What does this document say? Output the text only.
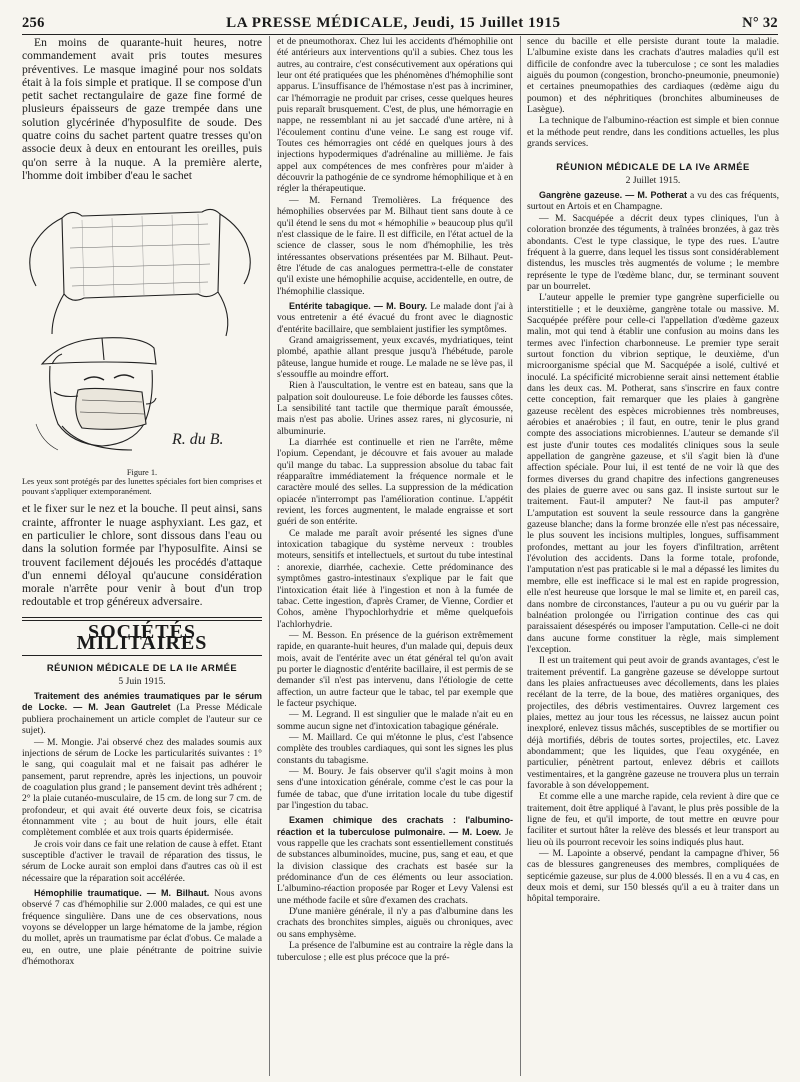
256	LA PRESSE MÉDICALE, Jeudi, 15 Juillet 1915	N° 32

En moins de quarante-huit heures, notre commandement avait pris toutes mesures préventives. Le masque imaginé pour nos soldats était à la fois simple et pratique. Il se compose d'un petit sachet rectangulaire de gaze fine formé de plusieurs épaisseurs de gaze trempée dans une solution glycérinée d'hyposulfite de soude. Des quatre coins du sachet partent quatre tresses qu'on associe deux à deux en entourant les oreilles, puis qu'on serre à la nuque. A la première alerte, l'homme doit imbiber d'eau le sachet

R. du B.
Figure 1.
Les yeux sont protégés par des lunettes spéciales fort bien comprises et pouvant s'appliquer extemporanément.

et le fixer sur le nez et la bouche. Il peut ainsi, sans crainte, affronter le nuage asphyxiant. Les gaz, et en particulier le chlore, sont dissous dans l'eau ou dans la solution formée par l'hyposulfite. Ainsi se trouvent facilement déjoués les procédés d'attaque d'un ennemi déloyal qu'aucune considération morale n'arrête pour venir à bout d'un trop redoutable et trop généreux adversaire.

SOCIÉTÉS MILITAIRES
RÉUNION MÉDICALE DE LA IIe ARMÉE
5 Juin 1915.

Traitement des anémies traumatiques par le sérum de Locke. — M. Jean Gautrelet (La Presse Médicale publiera prochainement un article complet de l'auteur sur ce sujet).

— M. Mongie. J'ai observé chez des malades soumis aux injections de sérum de Locke les particularités suivantes : 1° le sang, qui coagulait mal et ne faisait pas adhérer le pansement, parut reprendre, après les injections, un pouvoir de coagulation plus grand ; le pansement devint très adhérent ; 2° la plaie cutanéo-musculaire, de 15 cm. de long sur 7 cm. de profondeur, et qui avait été ouverte deux fois, se cicatrisa étonnamment vite ; au bout de huit jours, elle était complètement comblée et aux trois quarts épidermisée.

Je crois voir dans ce fait une relation de cause à effet. Etant susceptible d'activer le travail de réparation des tissus, le sérum de Locke aurait son emploi dans d'autres cas où il est nécessaire que la réparation soit accélérée.

Hémophilie traumatique. — M. Bilhaut. Nous avons observé 7 cas d'hémophilie sur 2.000 malades, ce qui est une fréquence singulière. Dans une de ces observations, nous voyons se développer un large hématome de la jambe, région du mollet, après un traumatisme par éclat d'obus. Ce malade a eu, en outre, une plaie pénétrante de poitrine suivie d'hémothorax

et de pneumothorax. Chez lui les accidents d'hémophilie ont été antérieurs aux interventions qu'il a subies. Chez tous les autres, au contraire, c'est consécutivement aux opérations qui leur ont été pratiquées que les phénomènes d'hémophilie sont apparus. L'insuffisance de l'hémostase n'est pas à incriminer, car l'hémorragie ne produit par crises, cesse quelques heures puis reparaît brusquement. C'est, de plus, une hémorragie en nappe, ne ressemblant ni au jet saccadé d'une artère, ni à l'écoulement continu d'une veine. Le sang est rouge vif. Toutes ces hémorragies ont cédé en quelques jours à des injections hypodermiques d'adrénaline au millième. Je fais appel aux compétences de mes confrères pour m'aider à découvrir la pathogénie de ce syndrome hémophilique et à en régler la thérapeutique.

— M. Fernand Tremolières. La fréquence des hémophilies observées par M. Bilhaut tient sans doute à ce qu'il étend le sens du mot « hémophilie » beaucoup plus qu'il n'est classique de le faire. Il est difficile, en l'état actuel de la science de classer, sous le nom d'hémophilie, les très intéressantes observations présentées par M. Bilhaut. Peut-être l'étude de cas analogues permettra-t-elle de constater qu'il existe une hémophilie acquise, accidentelle, en outre, de l'hémophilie classique.

Entérite tabagique. — M. Boury. Le malade dont j'ai à vous entretenir a été évacué du front avec le diagnostic d'entérite bacillaire, que semblaient justifier les symptômes.

Grand amaigrissement, yeux excavés, mydriatiques, teint plombé, apathie allant presque jusqu'à l'hébétude, parole pâteuse, langue humide et rouge. Le malade ne se lève pas, il s'essouffle au moindre effort.

Rien à l'auscultation, le ventre est en bateau, sans que la palpation soit douloureuse. Le foie déborde les fausses côtes. La sensibilité tant tactile que thermique paraît émoussée, mais n'est pas abolie. Urines assez rares, ni glycosurie, ni albuminurie.

La diarrhée est continuelle et rien ne l'arrête, même l'opium. Cependant, je découvre et fais avouer au malade qu'il mange du tabac. La suppression absolue du tabac fait réapparaître immédiatement la fréquence normale et le caractère moulé des selles. La suppression de la médication opiacée n'interrompt pas l'amélioration continue. L'appétit revient, les forces augmentent, le malade engraisse et sort guéri de son entérite.

Ce malade me paraît avoir présenté les signes d'une intoxication tabagique du système nerveux : troubles moteurs, sensitifs et intellectuels, et surtout du tube intestinal : anorexie, diarrhée, cachexie. Cette prédominance des symptômes gastro-intestinaux s'explique par le fait que l'intoxication était liée à l'ingestion et non à la fumée de tabac. Cette ingestion, d'après Cramer, de Vienne, Cordier et Cohos, amène l'hypochlorhydrie et même quelquefois l'achlorhydrie.

— M. Besson. En présence de la guérison extrêmement rapide, en quarante-huit heures, d'un malade qui, depuis deux mois, avait de l'entérite avec un état général tel qu'on avait pu porter le diagnostic d'entérite bacillaire, il est permis de se demander s'il n'est pas intervenu, dans l'étiologie de cette affection, un autre facteur que le tabac, tel par exemple que le facteur psychique.

— M. Legrand. Il est singulier que le malade n'ait eu en somme aucun signe net d'intoxication tabagique générale.

— M. Maillard. Ce qui m'étonne le plus, c'est l'absence complète des troubles cardiaques, qui sont les signes les plus constants du tabagisme.

— M. Boury. Je fais observer qu'il s'agit moins à mon sens d'une intoxication générale, comme c'est le cas pour la fumée de tabac, que d'une irritation locale du tube digestif par l'ingestion du tabac.

Examen chimique des crachats : l'albumino-réaction et la tuberculose pulmonaire. — M. Loew. Je vous rappelle que les crachats sont essentiellement constitués de substances albuminoïdes, mucine, pus, sang et eau, et que la division classique des crachats est basée sur la prédominance d'un de ces éléments ou leur association. L'albumino-réaction proposée par Roger et Levy Valensi est une méthode facile et sûre d'examen des crachats.

D'une manière générale, il n'y a pas d'albumine dans les crachats des bronchites simples, aiguës ou chroniques, avec ou sans emphysème.

La présence de l'albumine est au contraire la règle dans la tuberculose ; elle est plus précoce que la pré-

sence du bacille et elle persiste durant toute la maladie. L'albumine existe dans les crachats d'autres maladies qu'il est difficile de confondre avec la tuberculose ; ce sont les maladies aiguës du poumon (congestion, broncho-pneumonie, pneumonie) et certaines pneumopathies des cardiaques (œdème aigu du poumon) et des néphritiques (bronchites albumineuses de Lasègue).

La technique de l'albumino-réaction est simple et bien connue et la méthode peut rendre, dans les conditions actuelles, les plus grands services.

RÉUNION MÉDICALE DE LA IVe ARMÉE
2 Juillet 1915.

Gangrène gazeuse. — M. Potherat a vu des cas fréquents, surtout en Artois et en Champagne.

— M. Sacquépée a décrit deux types cliniques, l'un à coloration bronzée des téguments, à traînées bronzées, à gaz très abondants. C'est le type classique, le type des rues. L'autre fréquent à la guerre, dans lequel les tissus sont considérablement distendus, les muscles très augmentés de volume ; le membre représente le type de l'œdème blanc, dur, se terminant souvent par un bourrelet.

L'auteur appelle le premier type gangrène superficielle ou interstitielle ; et le deuxième, gangrène totale ou massive. M. Sacquépée préfère pour celle-ci l'appellation d'œdème gazeux malin, mot qui tend à établir une confusion au moins dans les termes avec l'infection charbonneuse. Le premier type serait surtout fonction du vibrion septique, le deuxième, d'un microorganisme spécial que M. Sacquépée a isolé, cultivé et inoculé. La spécificité microbienne serait ainsi nettement établie dans les deux cas. M. Potherat, sans s'inscrire en faux contre cette conception, fait remarquer que les plaies à gangrène gazeuse recèlent des espèces microbiennes très nombreuses, aérobies et anaérobies ; il faut, en outre, tenir le plus grand compte des associations microbiennes. L'auteur se demande s'il est juste d'unir toutes ces modalités cliniques sous la seule appellation de gangrène gazeuse, et s'il s'agit bien là d'une affection spéciale. Pour lui, il est tenté de ne voir là que des formes diverses du grand chapitre des infections gangreneuses des plaies de guerre avec ou sans gaz. Il insiste surtout sur le traitement. Faut-il amputer? Ne faut-il pas amputer? L'amputation est souvent la seule ressource dans la gangrène gazeuse blanche; dans la forme bronzée elle n'est pas nécessaire, le plus souvent les incisions multiples, longues, suffisamment profondes, mettant au jour les foyers d'infiltration, arrêtent l'évolution des accidents. Dans la forme totale, profonde, l'amputation n'est pas praticable si le mal a dépassé les limites du membre, elle est inefficace si le mal est en rapide progression, elle n'est heureuse que lorsque le mal se limite et, en pareil cas, dans nombre de circonstances, l'auteur a pu ou vu guérir par la balnéation prolongée ou l'irrigation continue des cas qui paraissaient désespérés ou imposer l'amputation. Celle-ci ne doit dans aucune forme constituer la règle, mais simplement l'exception.

Il est un traitement qui peut avoir de grands avantages, c'est le traitement préventif. La gangrène gazeuse se développe surtout dans les plaies anfractueuses avec décollements, dans les plaies recélant de la terre, de la boue, des matières organiques, des projectiles, des débris vestimentaires. Ouvrez largement ces plaies, mettez au jour tous les récessus, ne laissez aucun point inexploré, enlevez tissus mâchés, susceptibles de se mortifier ou déjà mortifiés, débris de toutes sortes, projectiles, etc. Lavez abondamment; que les liquides, que l'eau oxygénée, en particulier, pénètrent partout, enlevez débris et caillots vestimentaires, et la gangrène gazeuse ne trouvera plus un terrain favorable à son développement.

Et comme elle a une marche rapide, cela revient à dire que ce traitement, doit être appliqué à l'avant, le plus près possible de la ligne de feu, et qu'il importe, de tout mettre en œuvre pour faciliter et surtout hâter la relève des blessés et leur transport au lieu où ils pourront recevoir les soins indiqués plus haut.

— M. Lapointe a observé, pendant la campagne d'hiver, 56 cas de blessures gangreneuses des membres, compliquées de septicémie gazeuse, sur plus de 4.000 blessés. Il en a vu 4 cas, en deux mois et demi, sur 150 blessés qu'il a eu à traiter dans un hôpital temporaire.
